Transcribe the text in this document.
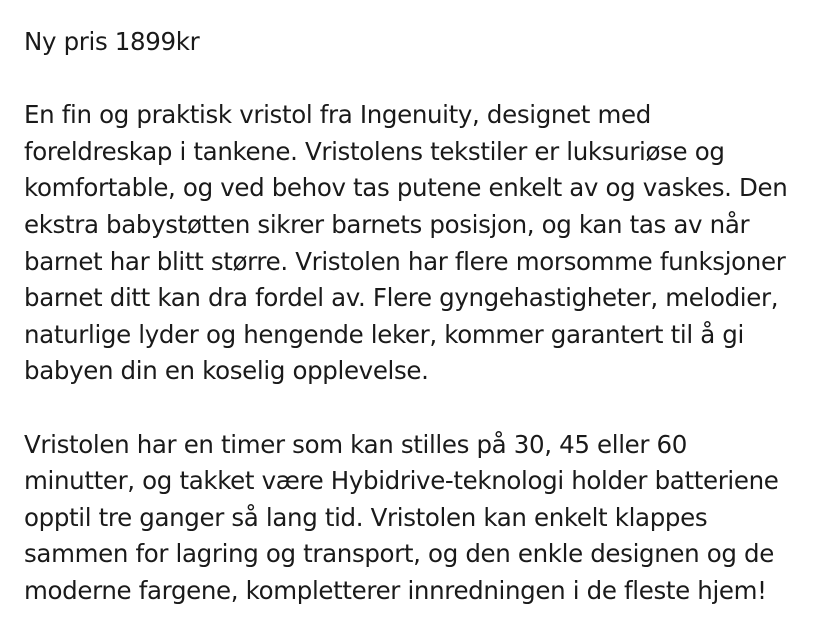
Ny pris 1899kr
En fin og praktisk vristol fra Ingenuity, designet med
foreldreskap i tankene. Vristolens tekstiler er luksuriøse og
komfortable, og ved behov tas putene enkelt av og vaskes. Den
ekstra babystøtten sikrer barnets posisjon, og kan tas av når
barnet har blitt større. Vristolen har flere morsomme funksjoner
barnet ditt kan dra fordel av. Flere gyngehastigheter, melodier,
naturlige lyder og hengende leker, kommer garantert til å gi
babyen din en koselig opplevelse.
Vristolen har en timer som kan stilles på 30, 45 eller 60
minutter, og takket være Hybidrive-teknologi holder batteriene
opptil tre ganger så lang tid. Vristolen kan enkelt klappes
sammen for lagring og transport, og den enkle designen og de
moderne fargene, kompletterer innredningen i de fleste hjem!
